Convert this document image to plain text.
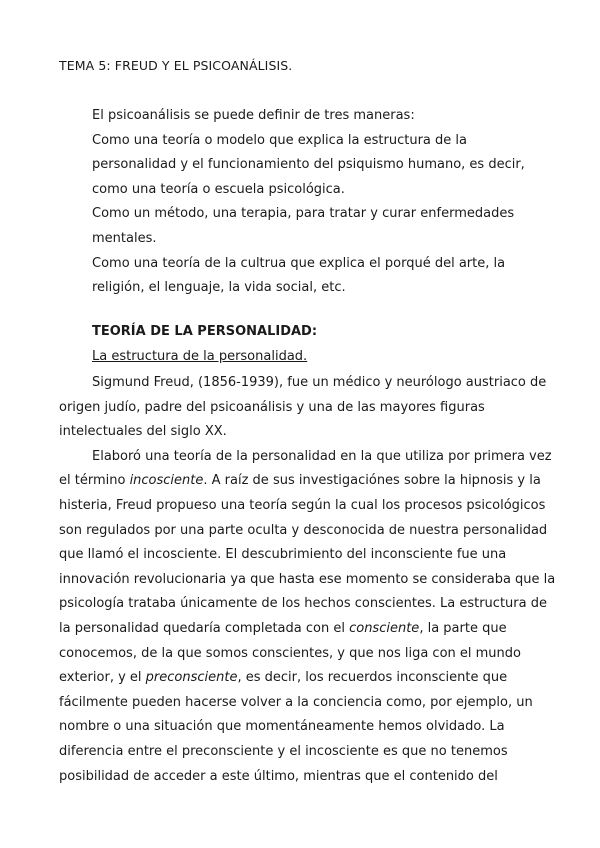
TEMA 5: FREUD Y EL PSICOANÁLISIS.

El psicoanálisis se puede definir de tres maneras:

Como una teoría o modelo que explica la estructura de la

personalidad y el funcionamiento del psiquismo humano, es decir,

como una teoría o escuela psicológica.

Como un método, una terapia, para tratar y curar enfermedades

mentales.

Como una teoría de la cultrua que explica el porqué del arte, la

religión, el lenguaje, la vida social, etc.

TEORÍA DE LA PERSONALIDAD:
La estructura de la personalidad.
Sigmund Freud, (1856-1939), fue un médico y neurólogo austriaco de
origen judío, padre del psicoanálisis y una de las mayores figuras
intelectuales del siglo XX.
Elaboró una teoría de la personalidad en la que utiliza por primera vez
el término incosciente. A raíz de sus investigaciónes sobre la hipnosis y la
histeria, Freud propueso una teoría según la cual los procesos psicológicos
son regulados por una parte oculta y desconocida de nuestra personalidad
que llamó el incosciente. El descubrimiento del inconsciente fue una
innovación revolucionaria ya que hasta ese momento se consideraba que la
psicología trataba únicamente de los hechos conscientes. La estructura de
la personalidad quedaría completada con el consciente, la parte que
conocemos, de la que somos conscientes, y que nos liga con el mundo
exterior, y el preconsciente, es decir, los recuerdos inconsciente que
fácilmente pueden hacerse volver a la conciencia como, por ejemplo, un
nombre o una situación que momentáneamente hemos olvidado. La
diferencia entre el preconsciente y el incosciente es que no tenemos
posibilidad de acceder a este último, mientras que el contenido del
